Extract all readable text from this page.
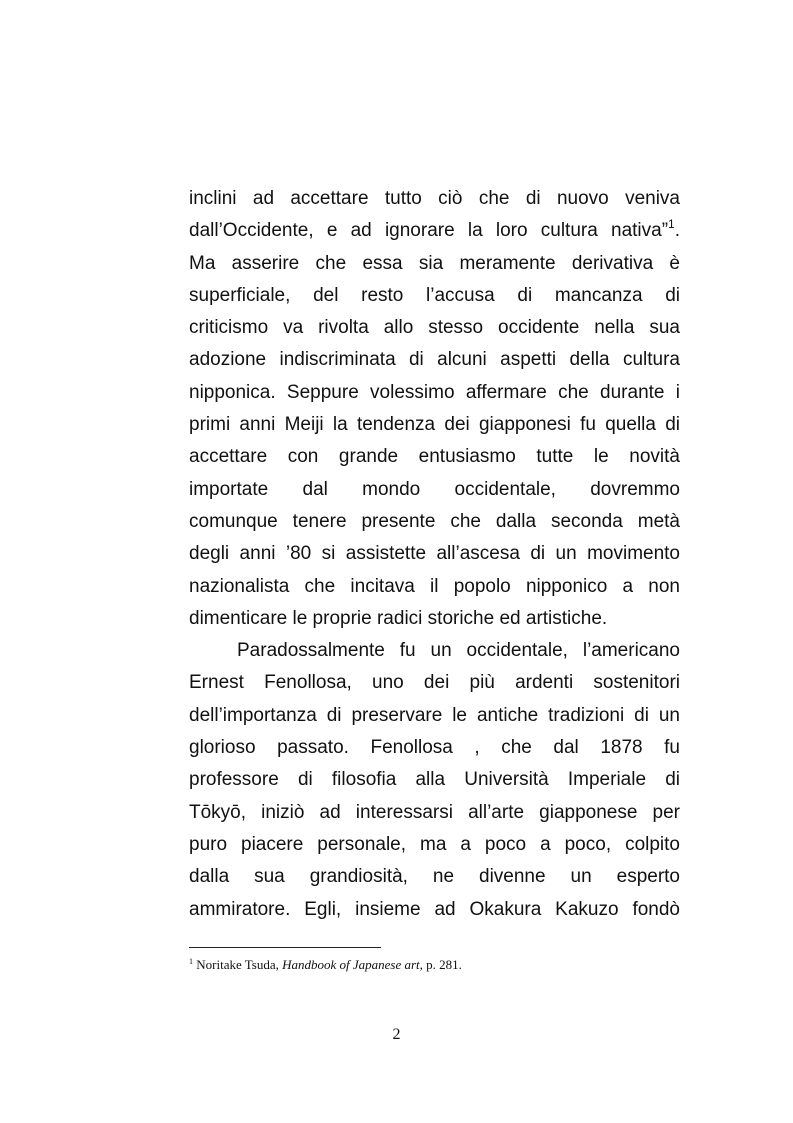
inclini ad accettare tutto ciò che di nuovo veniva
dall’Occidente, e ad ignorare la loro cultura nativa”$^1$.
Ma asserire che essa sia meramente derivativa è
superficiale, del resto l’accusa di mancanza di
criticismo va rivolta allo stesso occidente nella sua
adozione indiscriminata di alcuni aspetti della cultura
nipponica. Seppure volessimo affermare che durante i
primi anni Meiji la tendenza dei giapponesi fu quella di
accettare con grande entusiasmo tutte le novità
importate dal mondo occidentale, dovremmo
comunque tenere presente che dalla seconda metà
degli anni ’80 si assistette all’ascesa di un movimento
nazionalista che incitava il popolo nipponico a non
dimenticare le proprie radici storiche ed artistiche.
Paradossalmente fu un occidentale, l’americano
Ernest Fenollosa, uno dei più ardenti sostenitori
dell’importanza di preservare le antiche tradizioni di un
glorioso passato. Fenollosa , che dal 1878 fu
professore di filosofia alla Università Imperiale di
Tōkyō, iniziò ad interessarsi all’arte giapponese per
puro piacere personale, ma a poco a poco, colpito
dalla sua grandiosità, ne divenne un esperto
ammiratore. Egli, insieme ad Okakura Kakuzo fondò
$^1$ Noritake Tsuda, Handbook of Japanese art, p. 281.
2
